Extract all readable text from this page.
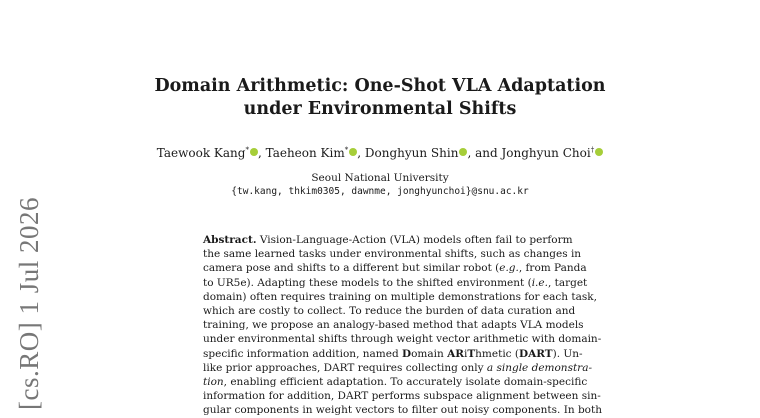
[cs.RO] 1 Jul 2026
Domain Arithmetic: One-Shot VLA Adaptation
under Environmental Shifts
Taewook Kang* , Taeheon Kim* , Donghyun Shin , and Jonghyun Choi†
Seoul National University
{tw.kang, thkim0305, dawnme, jonghyunchoi}@snu.ac.kr
Abstract. Vision-Language-Action (VLA) models often fail to perform
the same learned tasks under environmental shifts, such as changes in
camera pose and shifts to a different but similar robot (e.g., from Panda
to UR5e). Adapting these models to the shifted environment (i.e., target
domain) often requires training on multiple demonstrations for each task,
which are costly to collect. To reduce the burden of data curation and
training, we propose an analogy-based method that adapts VLA models
under environmental shifts through weight vector arithmetic with domain-
specific information addition, named Domain ARiThmetic (DART). Un-
like prior approaches, DART requires collecting only a single demonstra-
tion, enabling efficient adaptation. To accurately isolate domain-specific
information for addition, DART performs subspace alignment between sin-
gular components in weight vectors to filter out noisy components. In both
